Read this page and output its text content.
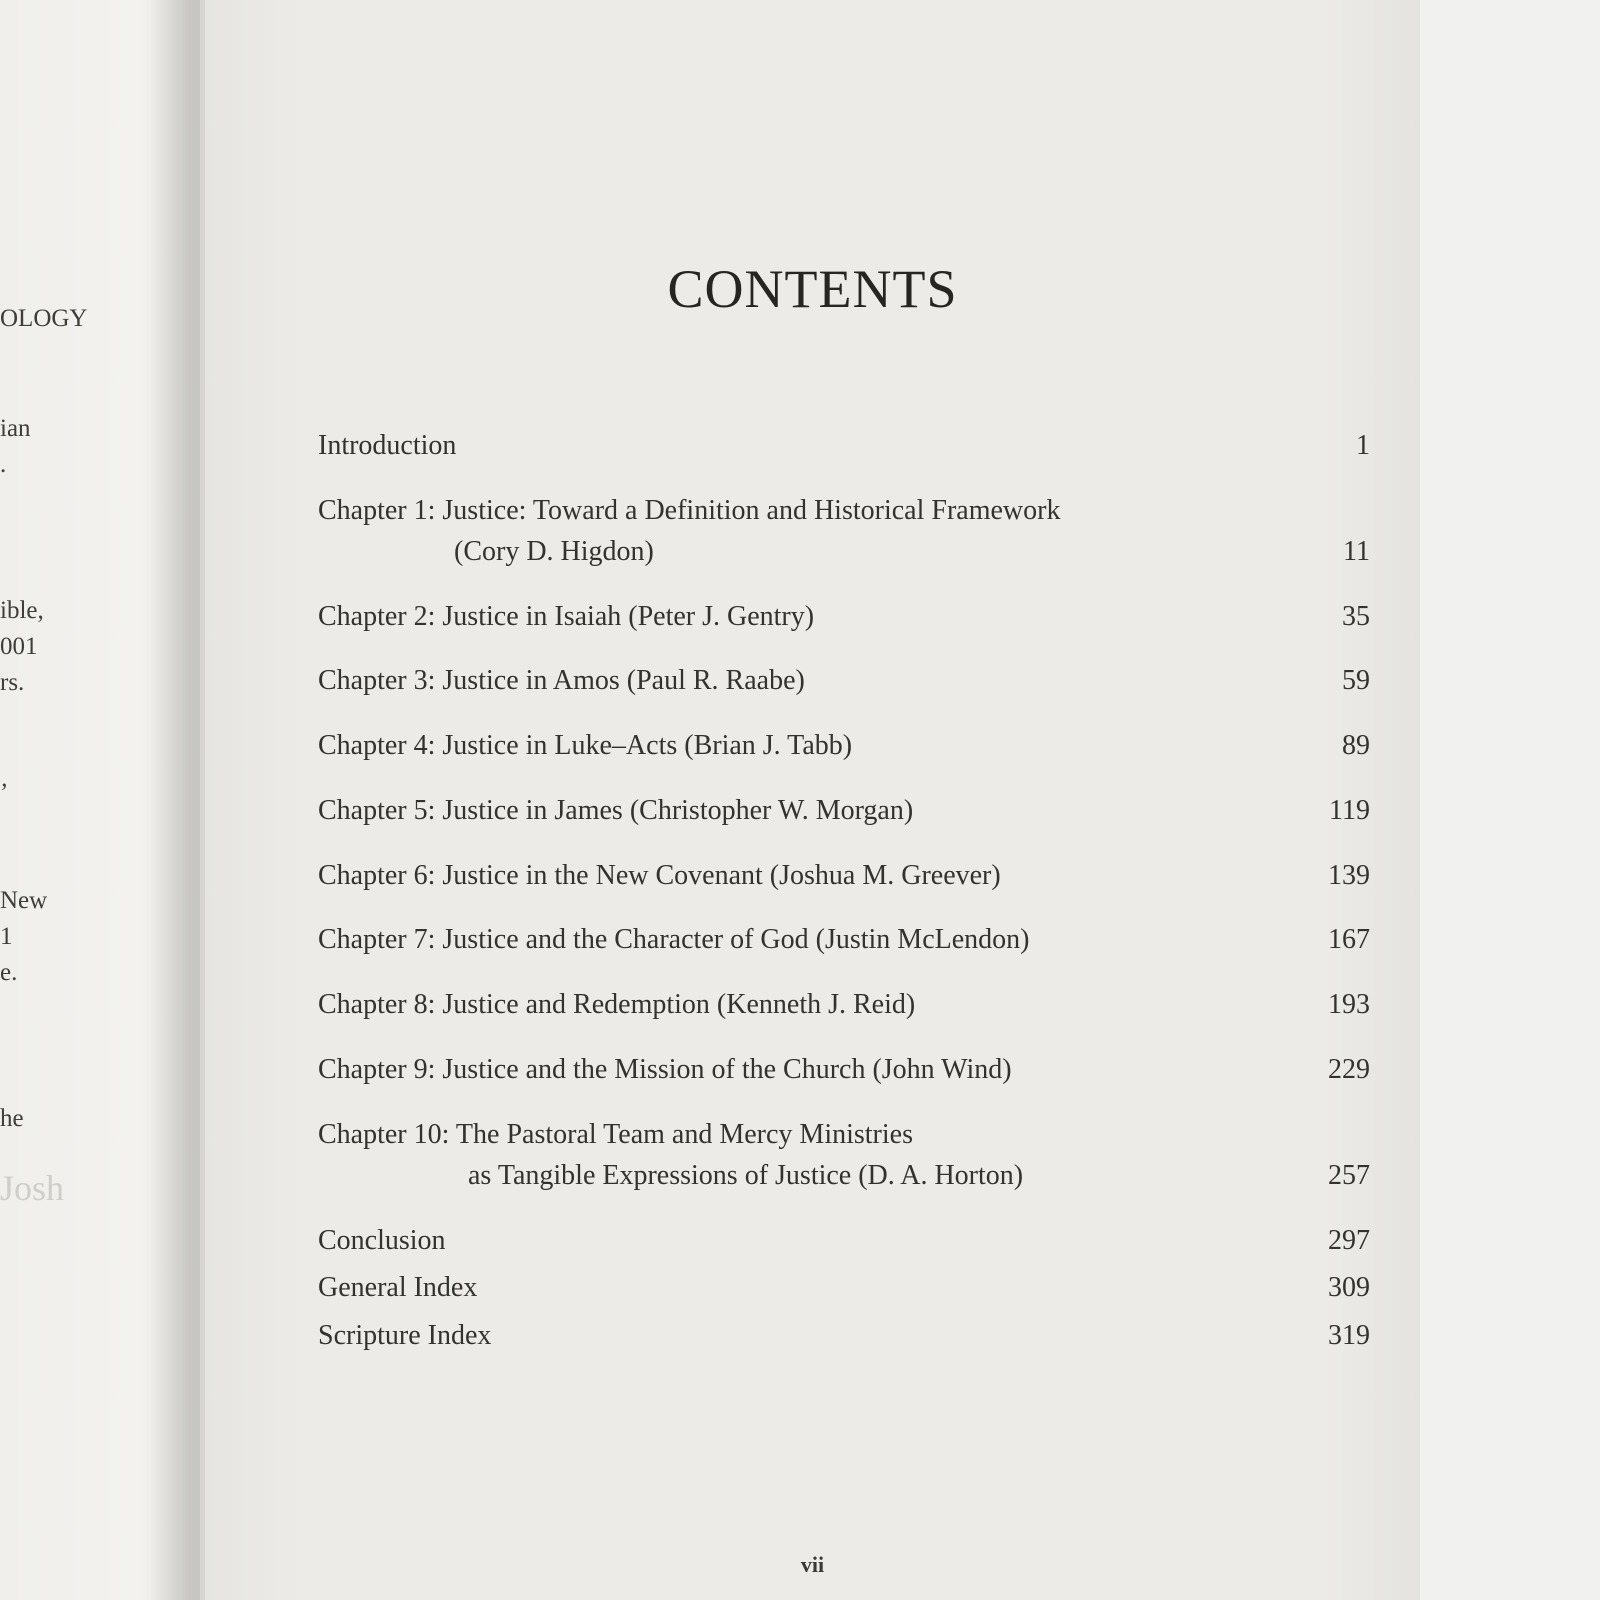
OLOGY
ian
.
ible,
001
rs.
’
New
1
e.
he
Josh
CONTENTS
Introduction	1
Chapter 1: Justice: Toward a Definition and Historical Framework
(Cory D. Higdon)	11
Chapter 2: Justice in Isaiah (Peter J. Gentry)	35
Chapter 3: Justice in Amos (Paul R. Raabe)	59
Chapter 4: Justice in Luke–Acts (Brian J. Tabb)	89
Chapter 5: Justice in James (Christopher W. Morgan)	119
Chapter 6: Justice in the New Covenant (Joshua M. Greever)	139
Chapter 7: Justice and the Character of God (Justin McLendon)	167
Chapter 8: Justice and Redemption (Kenneth J. Reid)	193
Chapter 9: Justice and the Mission of the Church (John Wind)	229
Chapter 10: The Pastoral Team and Mercy Ministries
as Tangible Expressions of Justice (D. A. Horton)	257
Conclusion	297
General Index	309
Scripture Index	319
vii
